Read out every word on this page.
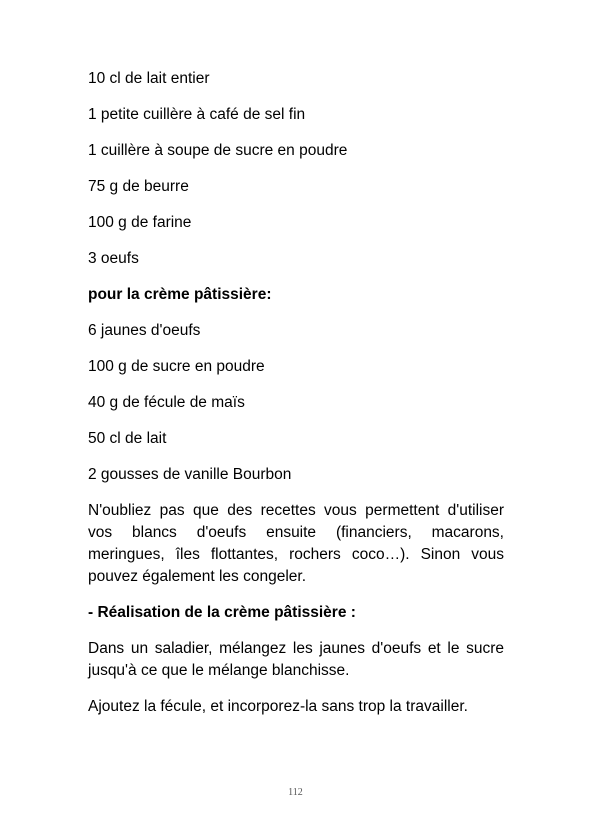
10 cl de lait entier

1 petite cuillère à café de sel fin

1 cuillère à soupe de sucre en poudre

75 g de beurre

100 g de farine

3 oeufs

pour la crème pâtissière:

6 jaunes d'oeufs

100 g de sucre en poudre

40 g de fécule de maïs

50 cl de lait

2 gousses de vanille Bourbon

N'oubliez pas que des recettes vous permettent d'utiliser vos blancs d'oeufs ensuite (financiers, macarons, meringues, îles flottantes, rochers coco…). Sinon vous pouvez également les congeler.

- Réalisation de la crème pâtissière :

Dans un saladier, mélangez les jaunes d'oeufs et le sucre jusqu'à ce que le mélange blanchisse.

Ajoutez la fécule, et incorporez-la sans trop la travailler.

112
